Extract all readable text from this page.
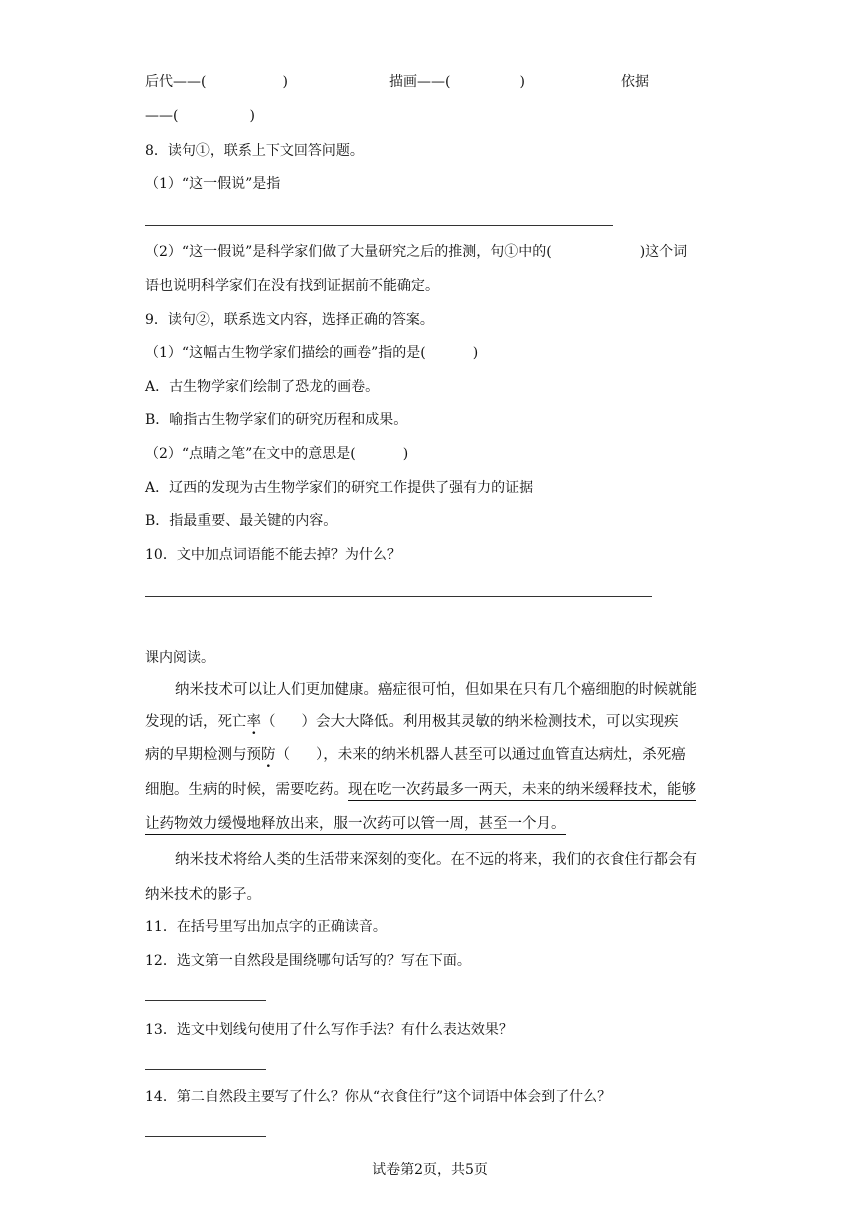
后代——(	)	描画——(	)	依据
——(	)
8．读句①，联系上下文回答问题。
（1）“这一假说”是指
（2）“这一假说”是科学家们做了大量研究之后的推测，句①中的(	)这个词
语也说明科学家们在没有找到证据前不能确定。
9．读句②，联系选文内容，选择正确的答案。
（1）“这幅古生物学家们描绘的画卷”指的是(	)
A．古生物学家们绘制了恐龙的画卷。
B．喻指古生物学家们的研究历程和成果。
（2）“点睛之笔”在文中的意思是(	)
A．辽西的发现为古生物学家们的研究工作提供了强有力的证据
B．指最重要、最关键的内容。
10．文中加点词语能不能去掉？为什么？
课内阅读。
纳米技术可以让人们更加健康。癌症很可怕，但如果在只有几个癌细胞的时候就能
发现的话，死亡率（ ）会大大降低。利用极其灵敏的纳米检测技术，可以实现疾
病的早期检测与预防（ ），未来的纳米机器人甚至可以通过血管直达病灶，杀死癌
细胞。生病的时候，需要吃药。现在吃一次药最多一两天，未来的纳米缓释技术，能够
让药物效力缓慢地释放出来，服一次药可以管一周，甚至一个月。
纳米技术将给人类的生活带来深刻的变化。在不远的将来，我们的衣食住行都会有
纳米技术的影子。
11．在括号里写出加点字的正确读音。
12．选文第一自然段是围绕哪句话写的？写在下面。
13．选文中划线句使用了什么写作手法？有什么表达效果？
14．第二自然段主要写了什么？你从“衣食住行”这个词语中体会到了什么？
试卷第2页，共5页
